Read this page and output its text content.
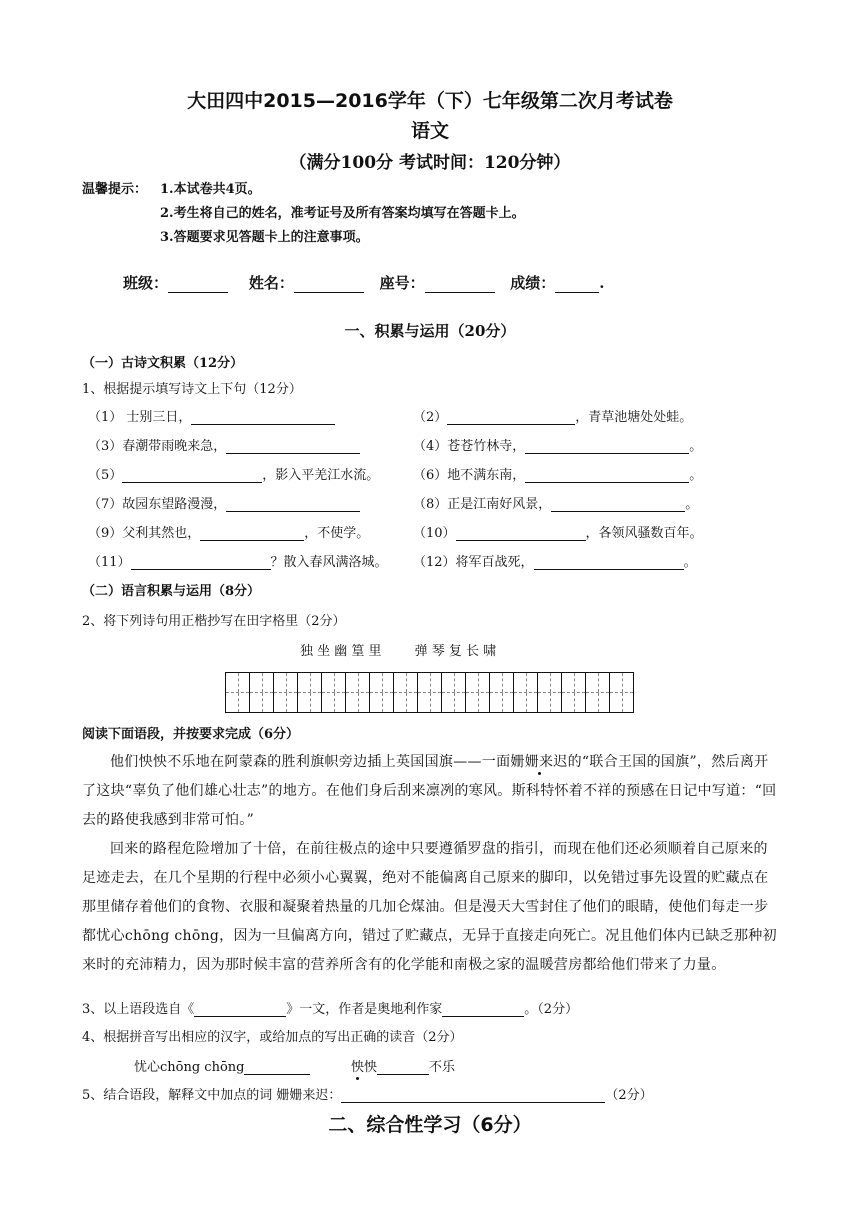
大田四中2015—2016学年（下）七年级第二次月考试卷
语文
（满分100分 考试时间：120分钟）
温馨提示： 1.本试卷共4页。
2.考生将自己的姓名，准考证号及所有答案均填写在答题卡上。
3.答题要求见答题卡上的注意事项。
班级：	姓名：	座号：	成绩：	.
一、积累与运用（20分）
（一）古诗文积累（12分）
1、根据提示填写诗文上下句（12分）
（1） 士别三日，	（2）	，青草池塘处处蛙。
（3）春潮带雨晚来急，	（4）苍苍竹林寺，	。
（5）	，影入平羌江水流。	（6）地不满东南，	。
（7）故园东望路漫漫，	（8）正是江南好风景，	。
（9）父利其然也，	，不使学。	（10）	，各领风骚数百年。
（11）	？散入春风满洛城。 （12）将军百战死，	。
（二）语言积累与运用（8分）
2、将下列诗句用正楷抄写在田字格里（2分）
独 坐 幽 篁 里        弹 琴 复 长 啸

阅读下面语段，并按要求完成（6分）
他们怏怏不乐地在阿蒙森的胜利旗帜旁边插上英国国旗——一面姗姗来迟的“联合王国的国旗”，然后离开了这块“辜负了他们雄心壮志”的地方。在他们身后刮来凛冽的寒风。斯科特怀着不祥的预感在日记中写道：“回去的路使我感到非常可怕。”
回来的路程危险增加了十倍，在前往极点的途中只要遵循罗盘的指引，而现在他们还必须顺着自己原来的足迹走去，在几个星期的行程中必须小心翼翼，绝对不能偏离自己原来的脚印，以免错过事先设置的贮藏点在那里储存着他们的食物、衣服和凝聚着热量的几加仑煤油。但是漫天大雪封住了他们的眼睛，使他们每走一步都忧心chōng chōng，因为一旦偏离方向，错过了贮藏点，无异于直接走向死亡。况且他们体内已缺乏那种初来时的充沛精力，因为那时候丰富的营养所含有的化学能和南极之家的温暖营房都给他们带来了力量。
3、以上语段选自《	》一文，作者是奥地利作家	。（2分）
4、根据拼音写出相应的汉字，或给加点的写出正确的读音（2分）
忧心chōng chōng	怏怏	不乐
5、结合语段，解释文中加点的词 姗姗来迟：	（2分）
二、综合性学习（6分）
